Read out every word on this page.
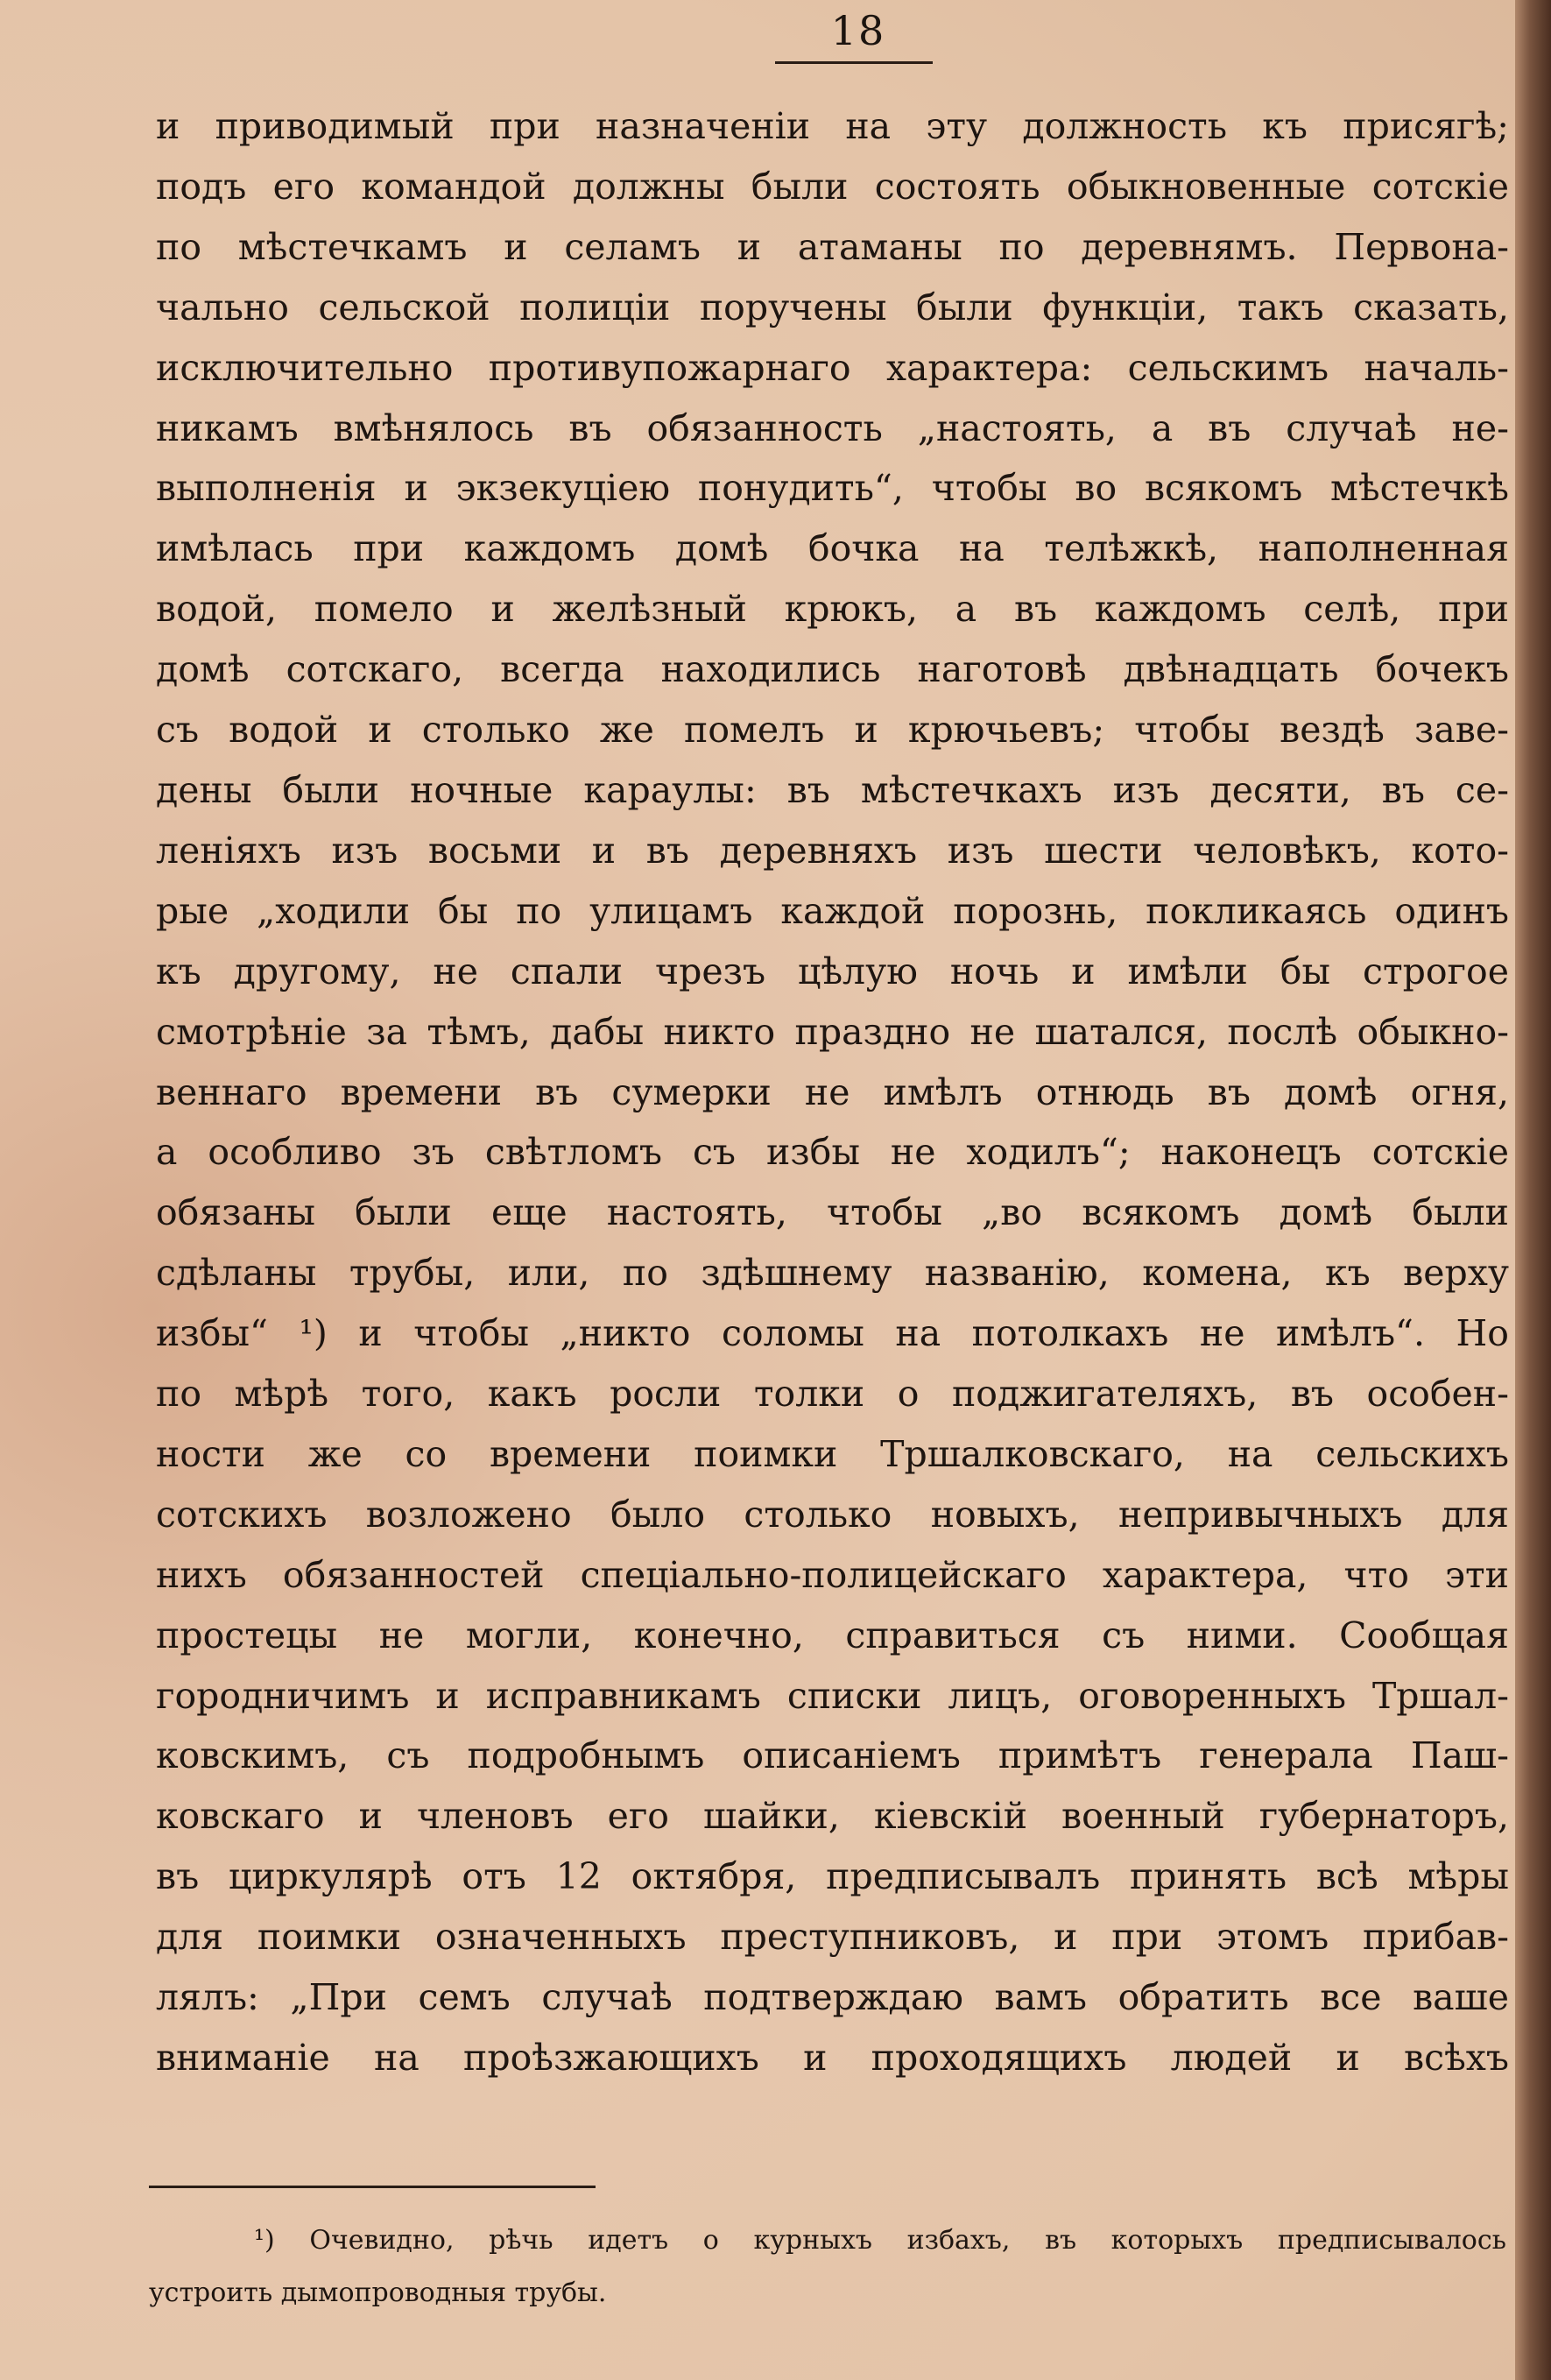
18
и приводимый при назначеніи на эту должность къ присягѣ;
подъ его командой должны были состоять обыкновенные сотскіе
по мѣстечкамъ и селамъ и атаманы по деревнямъ. Первона-
чально сельской полиціи поручены были функціи, такъ сказать,
исключительно противупожарнаго характера: сельскимъ началь-
никамъ вмѣнялось въ обязанность „настоять, а въ случаѣ не-
выполненія и экзекуціею понудить“, чтобы во всякомъ мѣстечкѣ
имѣлась при каждомъ домѣ бочка на телѣжкѣ, наполненная
водой, помело и желѣзный крюкъ, а въ каждомъ селѣ, при
домѣ сотскаго, всегда находились наготовѣ двѣнадцать бочекъ
съ водой и столько же помелъ и крючьевъ; чтобы вездѣ заве-
дены были ночные караулы: въ мѣстечкахъ изъ десяти, въ се-
леніяхъ изъ восьми и въ деревняхъ изъ шести человѣкъ, кото-
рые „ходили бы по улицамъ каждой порознь, покликаясь одинъ
къ другому, не спали чрезъ цѣлую ночь и имѣли бы строгое
смотрѣніе за тѣмъ, дабы никто праздно не шатался, послѣ обыкно-
веннаго времени въ сумерки не имѣлъ отнюдь въ домѣ огня,
а особливо зъ свѣтломъ съ избы не ходилъ“; наконецъ сотскіе
обязаны были еще настоять, чтобы „во всякомъ домѣ были
сдѣланы трубы, или, по здѣшнему названію, комена, къ верху
избы“ ¹) и чтобы „никто соломы на потолкахъ не имѣлъ“. Но
по мѣрѣ того, какъ росли толки о поджигателяхъ, въ особен-
ности же со времени поимки Тршалковскаго, на сельскихъ
сотскихъ возложено было столько новыхъ, непривычныхъ для
нихъ обязанностей спеціально-полицейскаго характера, что эти
простецы не могли, конечно, справиться съ ними. Сообщая
городничимъ и исправникамъ списки лицъ, оговоренныхъ Тршал-
ковскимъ, съ подробнымъ описаніемъ примѣтъ генерала Паш-
ковскаго и членовъ его шайки, кіевскій военный губернаторъ,
въ циркулярѣ отъ 12 октября, предписывалъ принять всѣ мѣры
для поимки означенныхъ преступниковъ, и при этомъ прибав-
лялъ: „При семъ случаѣ подтверждаю вамъ обратить все ваше
вниманіе на проѣзжающихъ и проходящихъ людей и всѣхъ
¹) Очевидно, рѣчь идетъ о курныхъ избахъ, въ которыхъ предписывалось
устроить дымопроводныя трубы.
